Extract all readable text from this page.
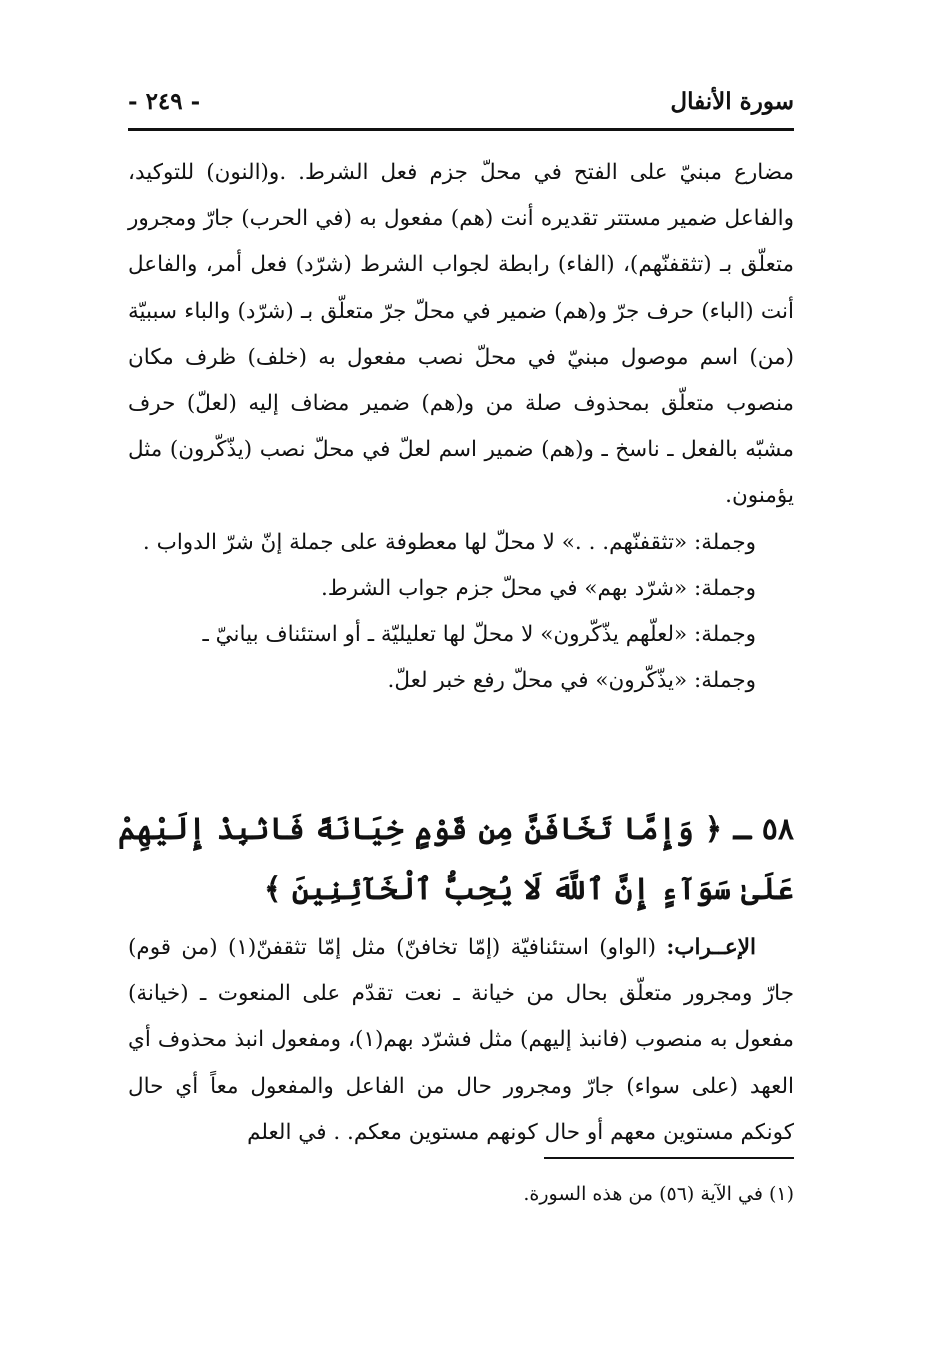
سورة الأنفال
- ٢٤٩ -

مضارع مبنيّ على الفتح في محلّ جزم فعل الشرط. .و(النون) للتوكيد، والفاعل ضمير مستتر تقديره أنت (هم) مفعول به (في الحرب) جارّ ومجرور متعلّق بـ (تثقفنّهم)، (الفاء) رابطة لجواب الشرط (شرّد) فعل أمر، والفاعل أنت (الباء) حرف جرّ و(هم) ضمير في محلّ جرّ متعلّق بـ (شرّد) والباء سببيّة (من) اسم موصول مبنيّ في محلّ نصب مفعول به (خلف) ظرف مكان منصوب متعلّق بمحذوف صلة من و(هم) ضمير مضاف إليه (لعلّ) حرف مشبّه بالفعل ـ ناسخ ـ و(هم) ضمير اسم لعلّ في محلّ نصب (يذّكّرون) مثل يؤمنون.

وجملة: «تثقفنّهم. . .» لا محلّ لها معطوفة على جملة إنّ شرّ الدواب .

وجملة: «شرّد بهم» في محلّ جزم جواب الشرط.

وجملة: «لعلّهم يذّكّرون» لا محلّ لها تعليليّة ـ أو استئناف بيانيّ ـ

وجملة: «يذّكّرون» في محلّ رفع خبر لعلّ.

٥٨ ـ ﴿ وَإِمَّا تَخَافَنَّ مِن قَوْمٍ خِيَانَةً فَانۢبِذْ إِلَيْهِمْ عَلَىٰ سَوَآءٍ إِنَّ ٱللَّهَ لَا يُحِبُّ ٱلْخَآئِنِينَ ﴾

الإعــراب: (الواو) استئنافيّة (إمّا تخافنّ) مثل إمّا تثقفنّ(١) (من قوم) جارّ ومجرور متعلّق بحال من خيانة ـ نعت تقدّم على المنعوت ـ (خيانة) مفعول به منصوب (فانبذ إليهم) مثل فشرّد بهم(١)، ومفعول انبذ محذوف أي العهد (على سواء) جارّ ومجرور حال من الفاعل والمفعول معاً أي حال كونكم مستوين معهم أو حال كونهم مستوين معكم. . في العلم

(١) في الآية (٥٦) من هذه السورة.
